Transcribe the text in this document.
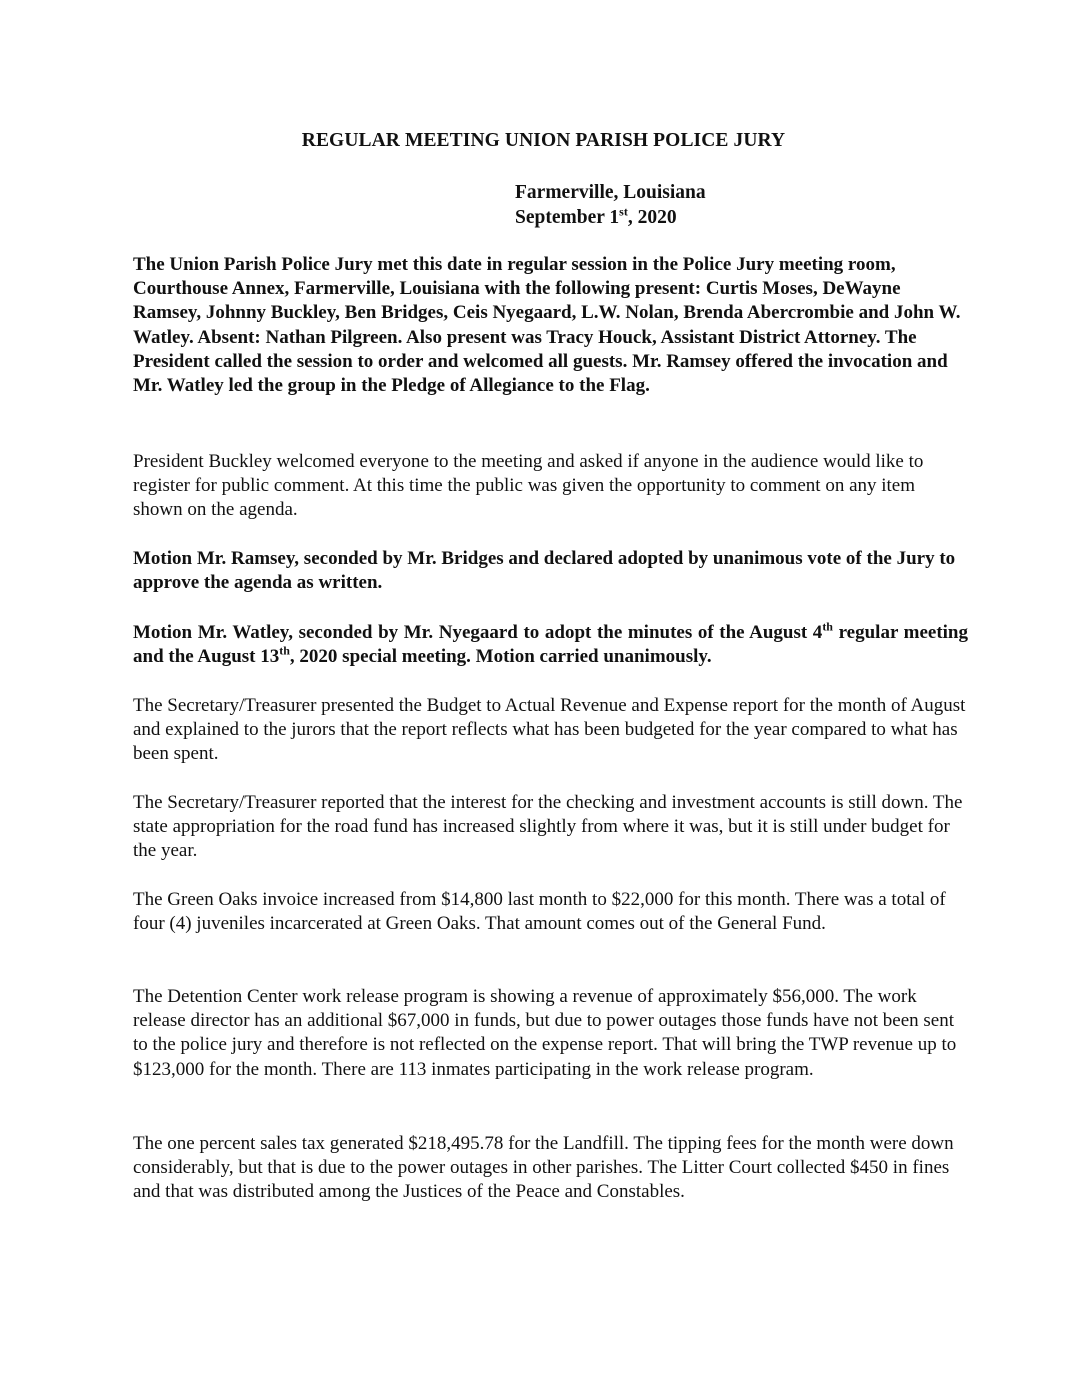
REGULAR MEETING UNION PARISH POLICE JURY
Farmerville, Louisiana
September 1st, 2020

The Union Parish Police Jury met this date in regular session in the Police Jury meeting room, Courthouse Annex, Farmerville, Louisiana with the following present: Curtis Moses, DeWayne Ramsey, Johnny Buckley, Ben Bridges, Ceis Nyegaard, L.W. Nolan, Brenda Abercrombie and John W. Watley. Absent: Nathan Pilgreen. Also present was Tracy Houck, Assistant District Attorney. The President called the session to order and welcomed all guests. Mr. Ramsey offered the invocation and Mr. Watley led the group in the Pledge of Allegiance to the Flag.

President Buckley welcomed everyone to the meeting and asked if anyone in the audience would like to register for public comment. At this time the public was given the opportunity to comment on any item shown on the agenda.

Motion Mr. Ramsey, seconded by Mr. Bridges and declared adopted by unanimous vote of the Jury to approve the agenda as written.

Motion Mr. Watley, seconded by Mr. Nyegaard to adopt the minutes of the August 4th regular meeting and the August 13th, 2020 special meeting. Motion carried unanimously.

The Secretary/Treasurer presented the Budget to Actual Revenue and Expense report for the month of August and explained to the jurors that the report reflects what has been budgeted for the year compared to what has been spent.

The Secretary/Treasurer reported that the interest for the checking and investment accounts is still down. The state appropriation for the road fund has increased slightly from where it was, but it is still under budget for the year.

The Green Oaks invoice increased from $14,800 last month to $22,000 for this month. There was a total of four (4) juveniles incarcerated at Green Oaks. That amount comes out of the General Fund.

The Detention Center work release program is showing a revenue of approximately $56,000. The work release director has an additional $67,000 in funds, but due to power outages those funds have not been sent to the police jury and therefore is not reflected on the expense report. That will bring the TWP revenue up to $123,000 for the month. There are 113 inmates participating in the work release program.

The one percent sales tax generated $218,495.78 for the Landfill. The tipping fees for the month were down considerably, but that is due to the power outages in other parishes. The Litter Court collected $450 in fines and that was distributed among the Justices of the Peace and Constables.
